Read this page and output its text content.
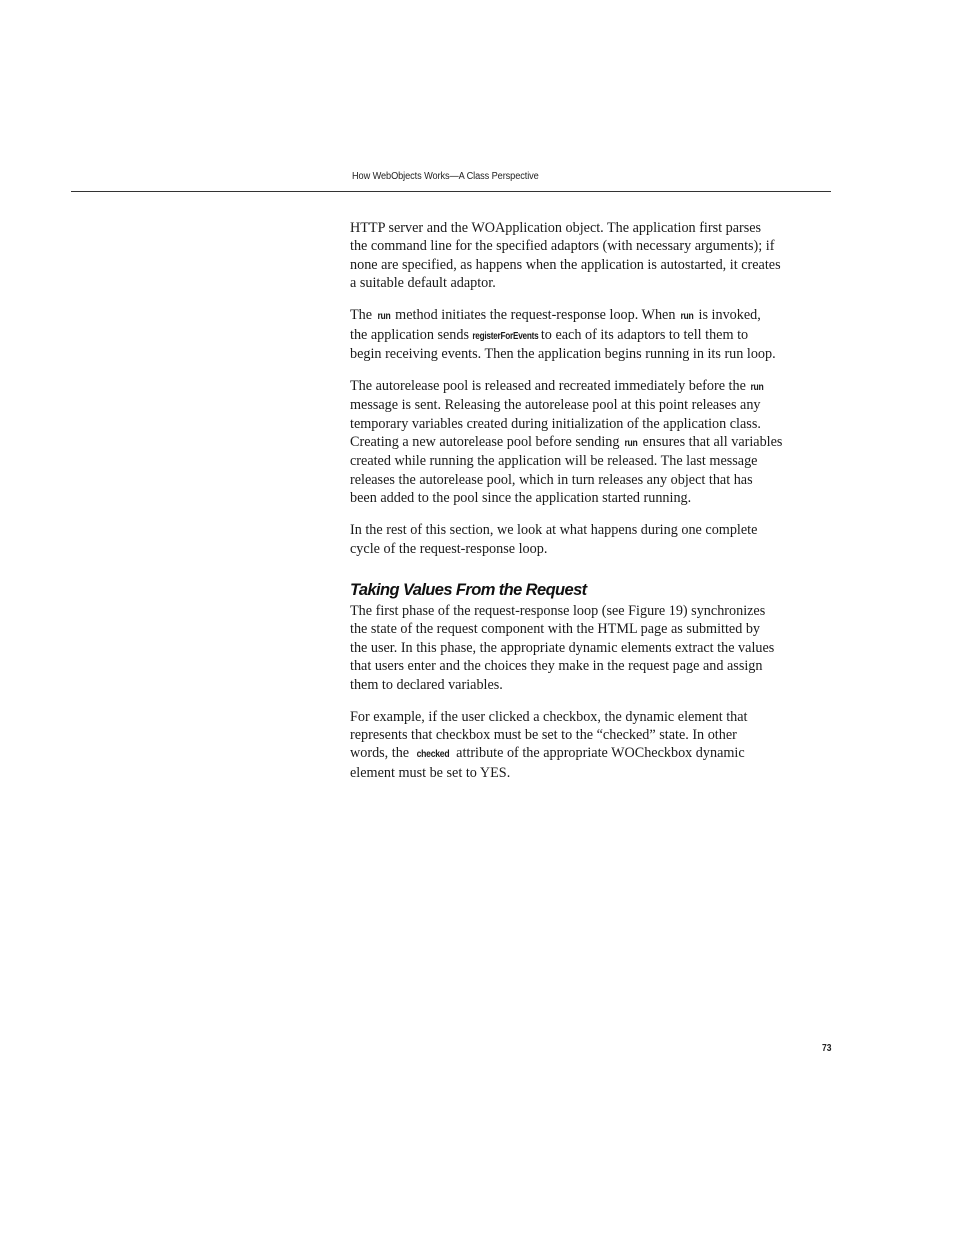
How WebObjects Works—A Class Perspective

HTTP server and the WOApplication object. The application first parses
the command line for the specified adaptors (with necessary arguments); if
none are specified, as happens when the application is autostarted, it creates
a suitable default adaptor.

The run method initiates the request-response loop. When run is invoked,
the application sends registerForEvents to each of its adaptors to tell them to
begin receiving events. Then the application begins running in its run loop.

The autorelease pool is released and recreated immediately before the run
message is sent. Releasing the autorelease pool at this point releases any
temporary variables created during initialization of the application class.
Creating a new autorelease pool before sending run ensures that all variables
created while running the application will be released. The last message
releases the autorelease pool, which in turn releases any object that has
been added to the pool since the application started running.

In the rest of this section, we look at what happens during one complete
cycle of the request-response loop.

Taking Values From the Request

The first phase of the request-response loop (see Figure 19) synchronizes
the state of the request component with the HTML page as submitted by
the user. In this phase, the appropriate dynamic elements extract the values
that users enter and the choices they make in the request page and assign
them to declared variables.

For example, if the user clicked a checkbox, the dynamic element that
represents that checkbox must be set to the “checked” state. In other
words, the checked attribute of the appropriate WOCheckbox dynamic
element must be set to YES.

73
